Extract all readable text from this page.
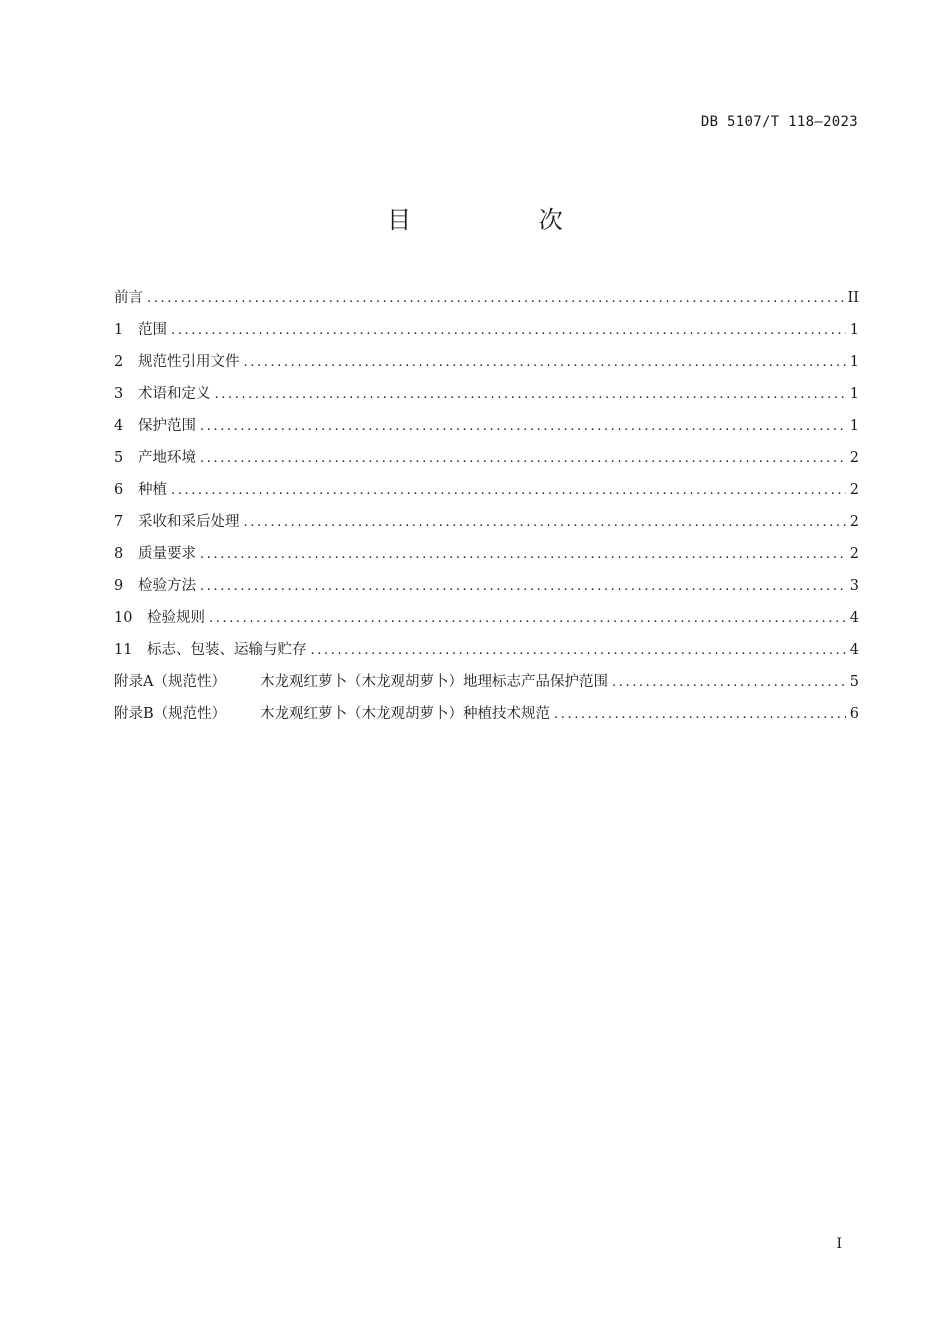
DB 5107/T 118—2023
目 次
前言 .....	II
1	范围 .....	1
2	规范性引用文件 .....	1
3	术语和定义 .....	1
4	保护范围 .....	1
5	产地环境 .....	2
6	种植 .....	2
7	采收和采后处理 .....	2
8	质量要求 .....	2
9	检验方法 .....	3
10	检验规则 .....	4
11	标志、包装、运输与贮存 .....	4
附录A（规范性）	木龙观红萝卜（木龙观胡萝卜）地理标志产品保护范围 .....	5
附录B（规范性）	木龙观红萝卜（木龙观胡萝卜）种植技术规范 .....	6
I
